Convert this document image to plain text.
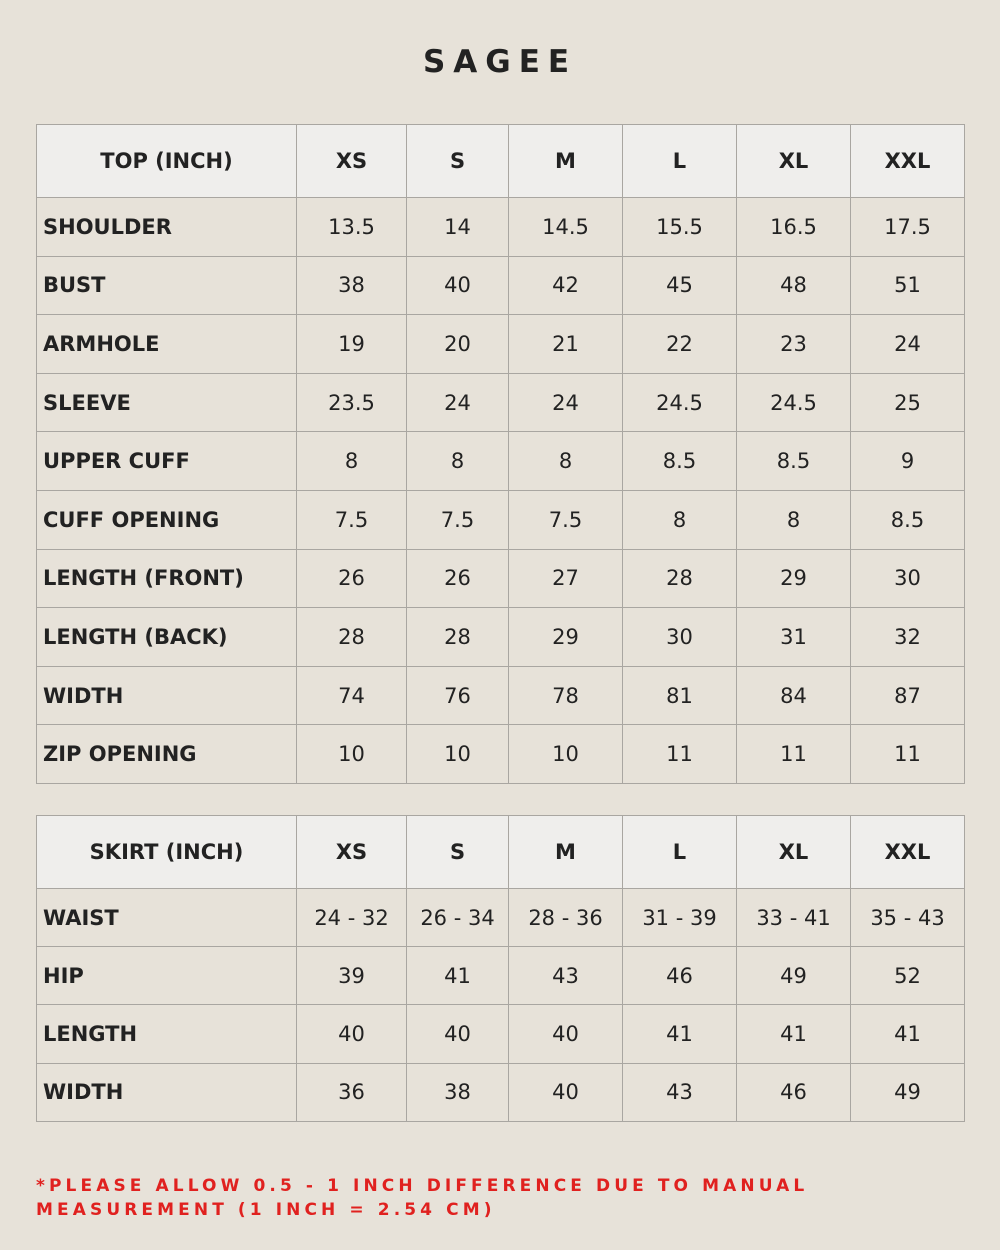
SAGEE
TOP (INCH)	XS	S	M	L	XL	XXL
SHOULDER	13.5	14	14.5	15.5	16.5	17.5
BUST	38	40	42	45	48	51
ARMHOLE	19	20	21	22	23	24
SLEEVE	23.5	24	24	24.5	24.5	25
UPPER CUFF	8	8	8	8.5	8.5	9
CUFF OPENING	7.5	7.5	7.5	8	8	8.5
LENGTH (FRONT)	26	26	27	28	29	30
LENGTH (BACK)	28	28	29	30	31	32
WIDTH	74	76	78	81	84	87
ZIP OPENING	10	10	10	11	11	11
SKIRT (INCH)	XS	S	M	L	XL	XXL
WAIST	24 - 32	26 - 34	28 - 36	31 - 39	33 - 41	35 - 43
HIP	39	41	43	46	49	52
LENGTH	40	40	40	41	41	41
WIDTH	36	38	40	43	46	49
*PLEASE ALLOW 0.5 - 1 INCH DIFFERENCE DUE TO MANUAL MEASUREMENT (1 INCH = 2.54 CM)
